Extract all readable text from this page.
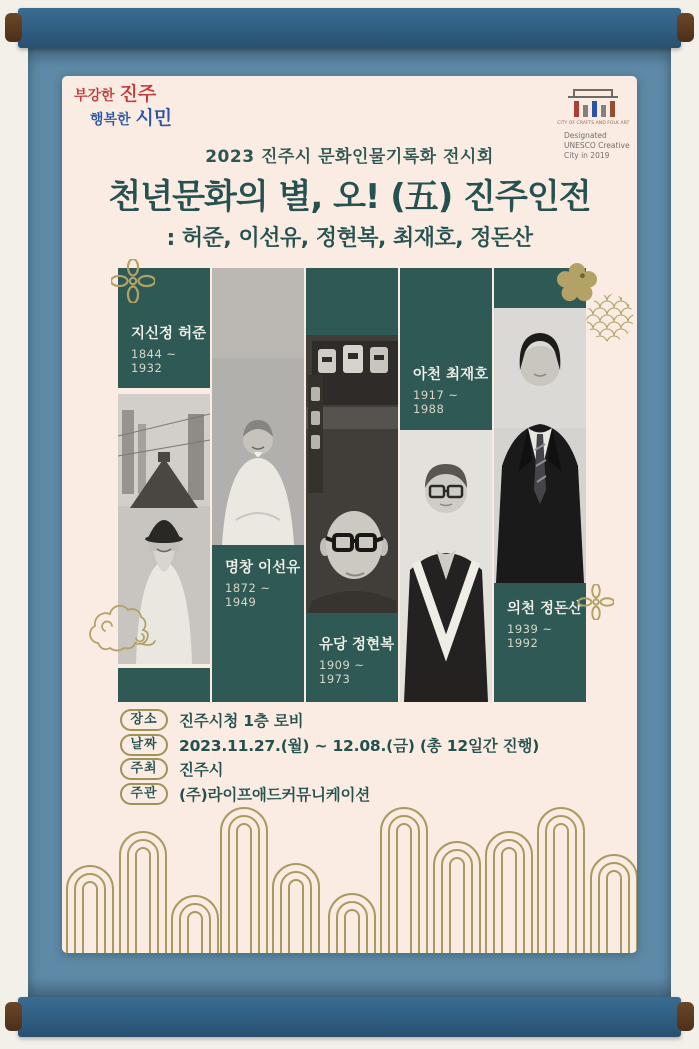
부강한 진주
행복한 시민	CITY OF CRAFTS AND FOLK ART
Designated UNESCO Creative City in 2019
2023 진주시 문화인물기록화 전시회
천년문화의 별, 오! (五) 진주인전
: 허준, 이선유, 정현복, 최재호, 정돈산
지신정 허준
1844 ~ 1932
명창 이선유
1872 ~ 1949
유당 정현복
1909 ~ 1973
아천 최재호
1917 ~ 1988
의천 정돈산
1939 ~ 1992
장소	진주시청 1층 로비
날짜	2023.11.27.(월) ~ 12.08.(금) (총 12일간 진행)
주최	진주시
주관	(주)라이프애드커뮤니케이션
